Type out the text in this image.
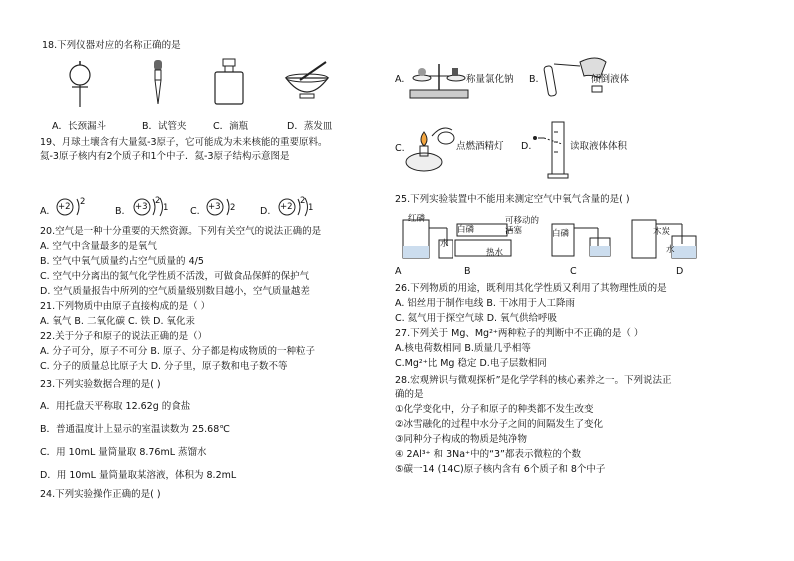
18.下列仪器对应的名称正确的是
A．长颈漏斗	B．试管夹	C．滴瓶	D．蒸发皿
19、月球土壤含有大量氦-3原子，它可能成为未来核能的重要原料。
氦-3原子核内有2个质子和1个中子．氦-3原子结构示意图是
A. +2 2
B. +3
2
1 C. +3 2	D. +2
2
1
20.空气是一种十分重要的天然资源。下列有关空气的说法正确的是
A. 空气中含量最多的是氧气
B. 空气中氧气质量约占空气质量的 4/5
C. 空气中分离出的氮气化学性质不活泼，可做食品保鲜的保护气
D. 空气质量报告中所列的空气质量级别数目越小，空气质量越差
21.下列物质中由原子直接构成的是（ ）
A. 氧气 B. 二氧化碳 C. 铁 D. 氧化汞
22.关于分子和原子的说法正确的是（）
A. 分子可分，原子不可分 B. 原子、分子都是构成物质的一种粒子
C. 分子的质量总比原子大 D. 分子里，原子数和电子数不等
23.下列实验数据合理的是( )
A．用托盘天平称取 12.62g 的食盐
B．普通温度计上显示的室温读数为 25.68℃
C．用 10mL 量筒量取 8.76mL 蒸馏水
D．用 10mL 量筒量取某溶液，体积为 8.2mL
24.下列实验操作正确的是( )
A.	称量氯化钠 B.	倾倒液体
C.	点燃酒精灯 D.	读取液体体积
25.下列实验装置中不能用来测定空气中氧气含量的是( )
红磷
水
白磷
可移动的活塞
热水
白磷	木炭
水
A	B	C	D
26.下列物质的用途，既利用其化学性质又利用了其物理性质的是
A. 铝丝用于制作电线 B. 干冰用于人工降雨
C. 氦气用于探空气球 D. 氧气供给呼吸
27.下列关于 Mg、Mg²⁺两种粒子的判断中不正确的是（ ）
A.核电荷数相同 B.质量几乎相等
C.Mg²⁺比 Mg 稳定 D.电子层数相同
28.宏观辨识与微观探析”是化学学科的核心素养之一。下列说法正
确的是
①化学变化中，分子和原子的种类都不发生改变
②冰雪融化的过程中水分子之间的间隔发生了变化
③同种分子构成的物质是纯净物
④ 2Al³⁺ 和 3Na⁺中的“3”都表示微粒的个数
⑤碳一14 (14C)原子核内含有 6个质子和 8个中子
